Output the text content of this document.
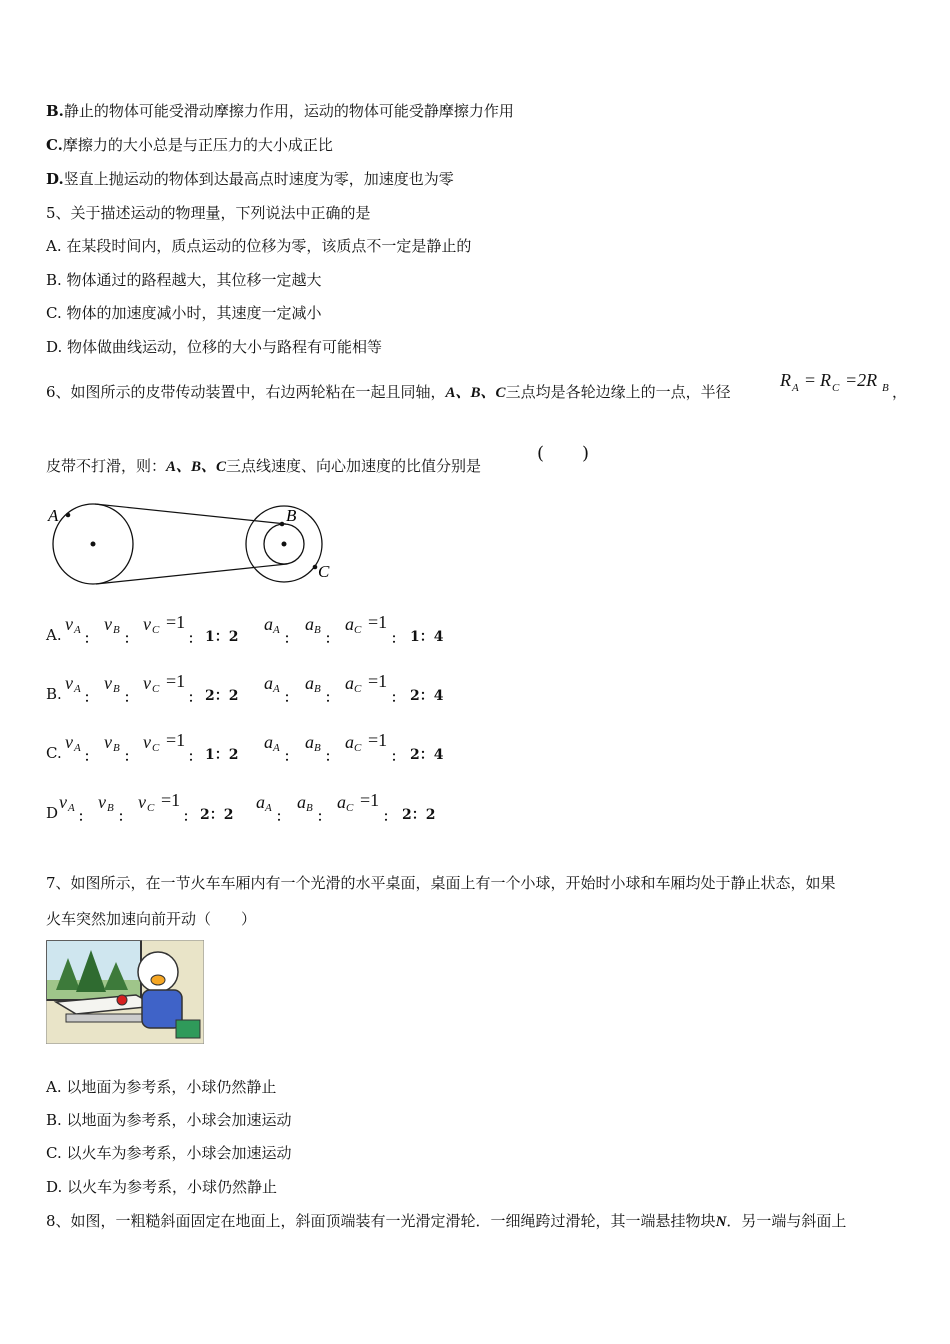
B.静止的物体可能受滑动摩擦力作用，运动的物体可能受静摩擦力作用
C.摩擦力的大小总是与正压力的大小成正比
D.竖直上抛运动的物体到达最高点时速度为零，加速度也为零
5、关于描述运动的物理量，下列说法中正确的是
A. 在某段时间内，质点运动的位移为零，该质点不一定是静止的
B. 物体通过的路程越大，其位移一定越大
C. 物体的加速度减小时，其速度一定减小
D. 物体做曲线运动，位移的大小与路程有可能相等
6、如图所示的皮带传动装置中，右边两轮粘在一起且同轴，A、B、C三点均是各轮边缘上的一点，半径
R A = R C =2R B ，
皮带不打滑，则：A、B、C三点线速度、向心加速度的比值分别是
( )
A	B
C
A.
v A
：
v B
：
v C =1
： 1：2
a A
：
a B
：
a C =1
： 1：4
B.
v A
：
v B
：
v C =1
： 2：2
a A
：
a B
：
a C =1
： 2：4
C.
v A
：
v B
：
v C =1
： 1：2
a A
：
a B
：
a C =1
： 2：4
D
v A
：
v B
：
v C =1
： 2：2
a A
：
a B
：
a C =1
： 2：2
7、如图所示，在一节火车车厢内有一个光滑的水平桌面，桌面上有一个小球，开始时小球和车厢均处于静止状态，如果
火车突然加速向前开动（　　）
A. 以地面为参考系，小球仍然静止
B. 以地面为参考系，小球会加速运动
C. 以火车为参考系，小球会加速运动
D. 以火车为参考系，小球仍然静止
8、如图，一粗糙斜面固定在地面上，斜面顶端装有一光滑定滑轮．一细绳跨过滑轮，其一端悬挂物块N．另一端与斜面上
